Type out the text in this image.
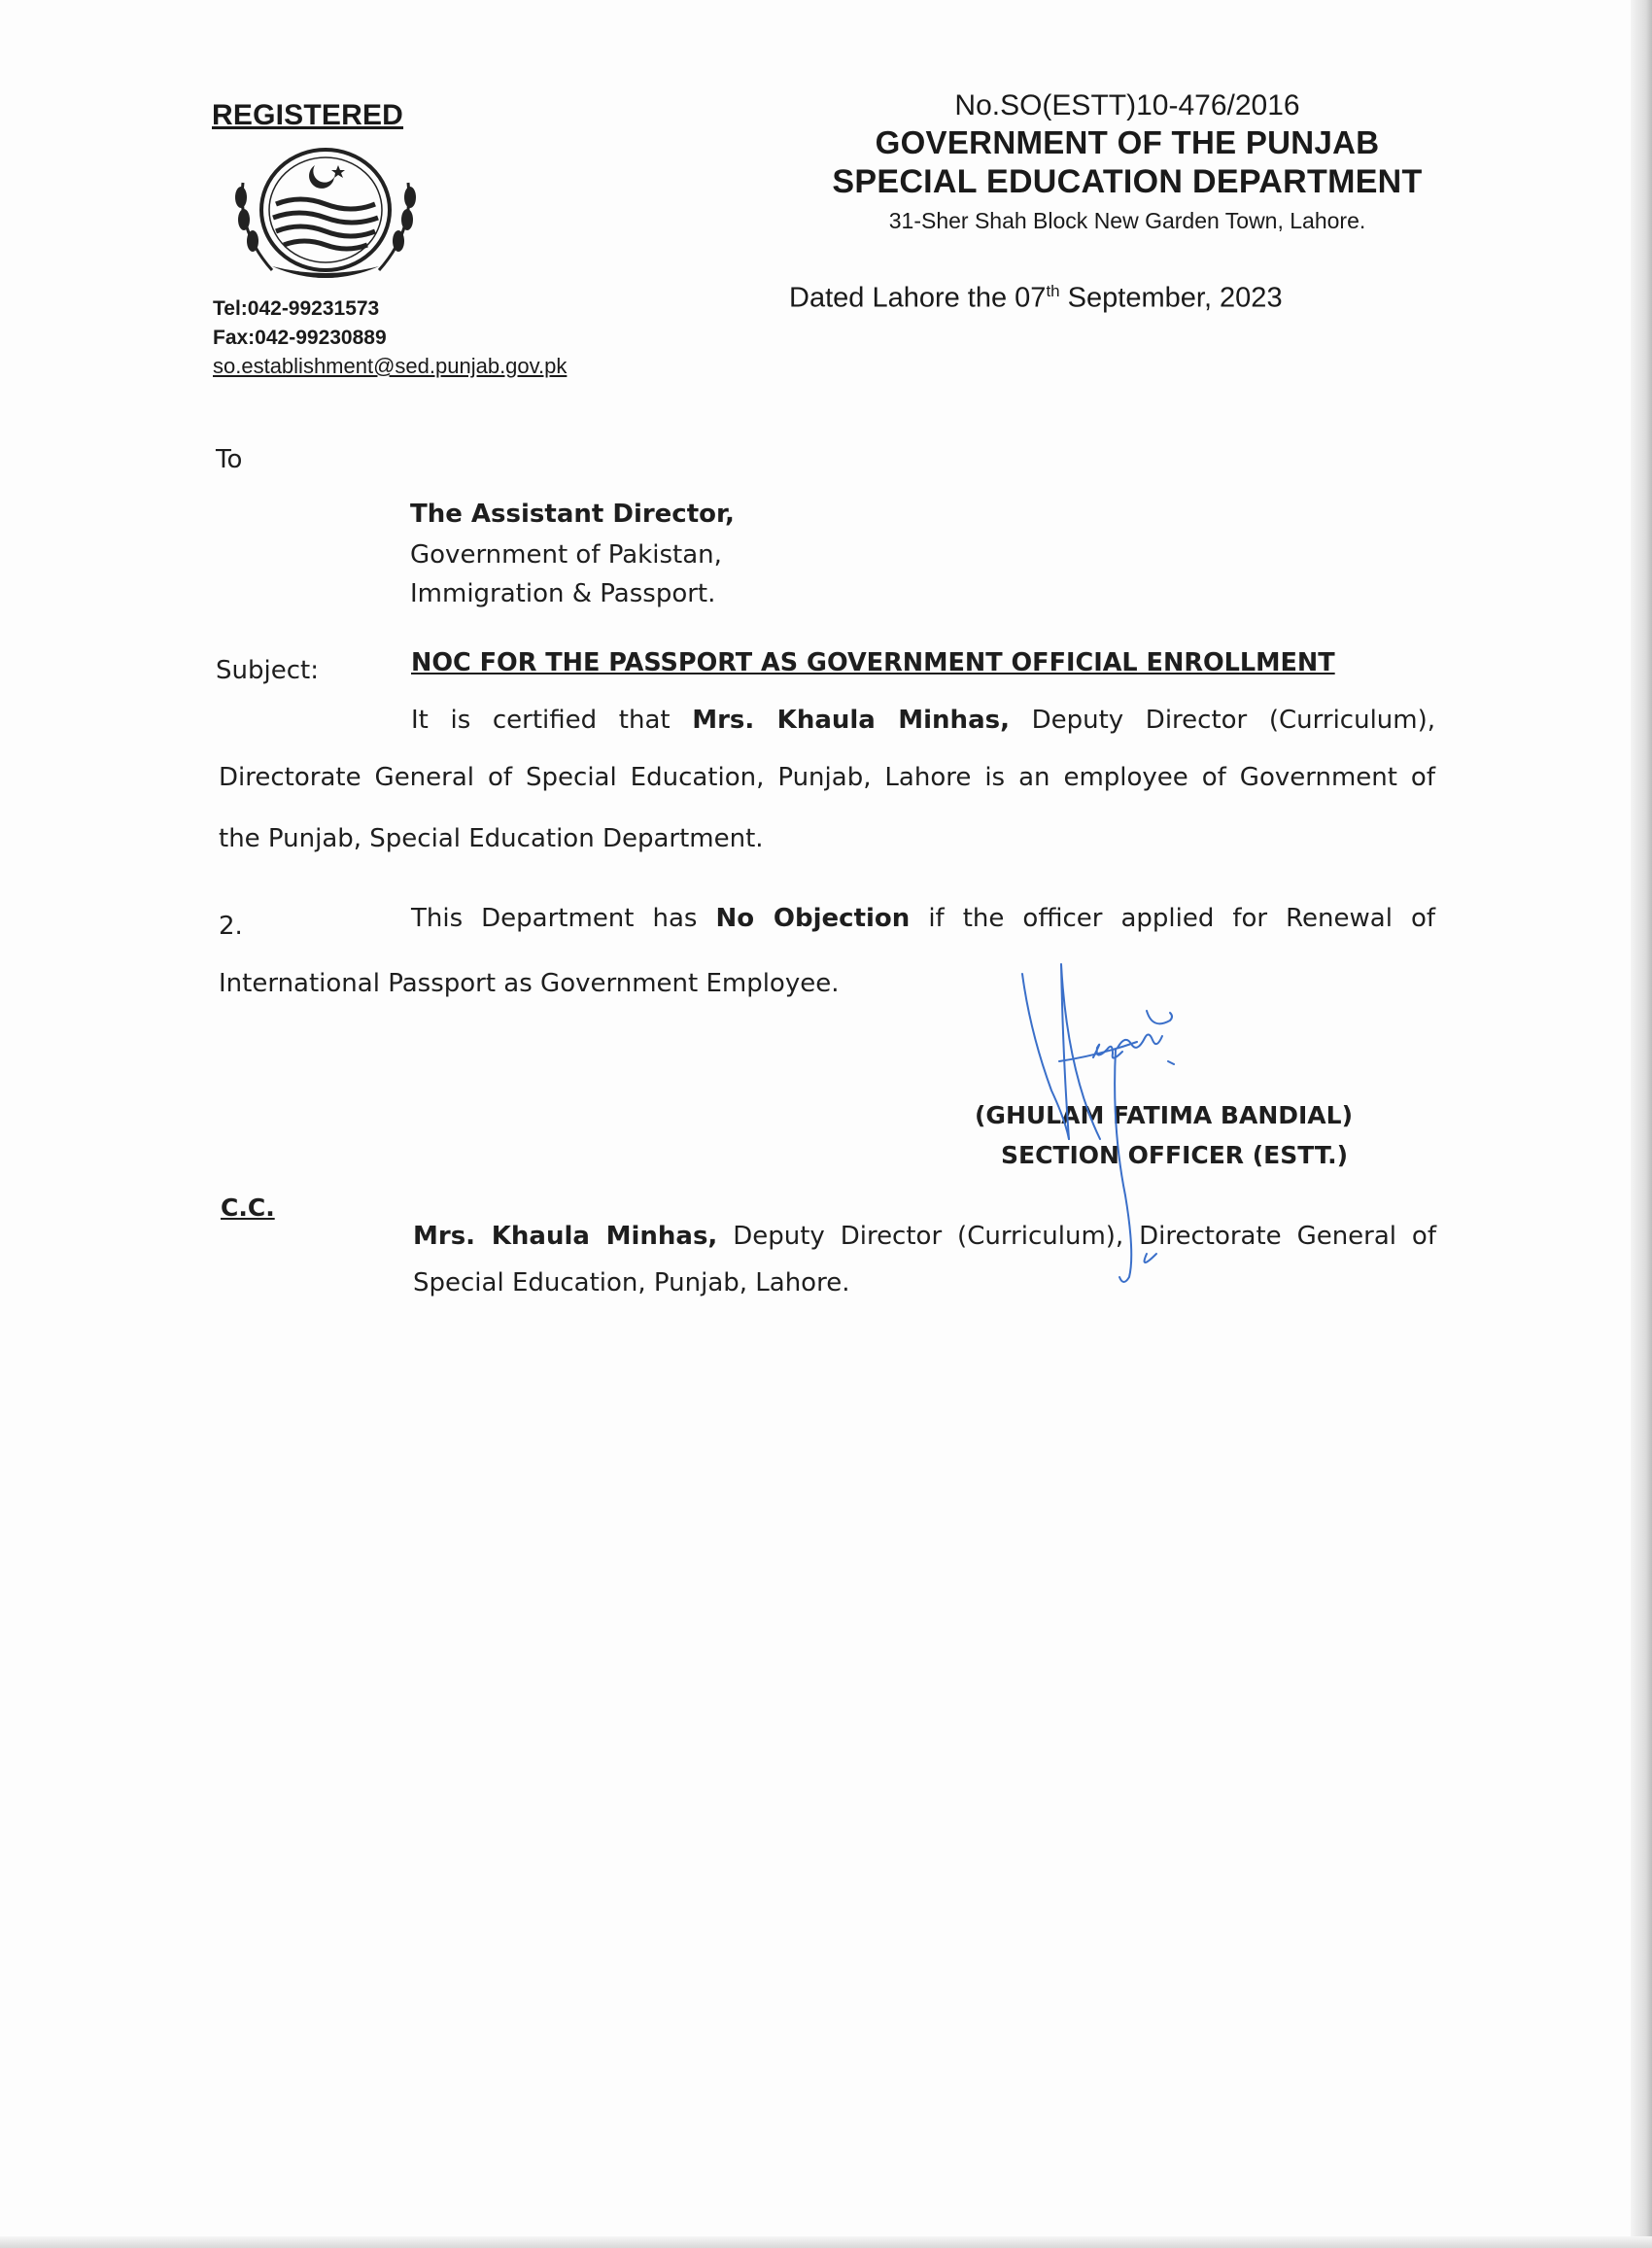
REGISTERED
Tel:042-99231573
Fax:042-99230889
so.establishment@sed.punjab.gov.pk
No.SO(ESTT)10-476/2016
GOVERNMENT OF THE PUNJAB
SPECIAL EDUCATION DEPARTMENT
31-Sher Shah Block New Garden Town, Lahore.
Dated Lahore the 07th September, 2023
To
The Assistant Director,
Government of Pakistan,
Immigration & Passport.
Subject:	NOC FOR THE PASSPORT AS GOVERNMENT OFFICIAL ENROLLMENT
It is certified that Mrs. Khaula Minhas, Deputy Director (Curriculum),
Directorate General of Special Education, Punjab, Lahore is an employee of Government of
the Punjab, Special Education Department.
2.	This Department has No Objection if the officer applied for Renewal of
International Passport as Government Employee.
(GHULAM FATIMA BANDIAL)
SECTION OFFICER (ESTT.)
C.C.
Mrs. Khaula Minhas, Deputy Director (Curriculum), Directorate General of
Special Education, Punjab, Lahore.
